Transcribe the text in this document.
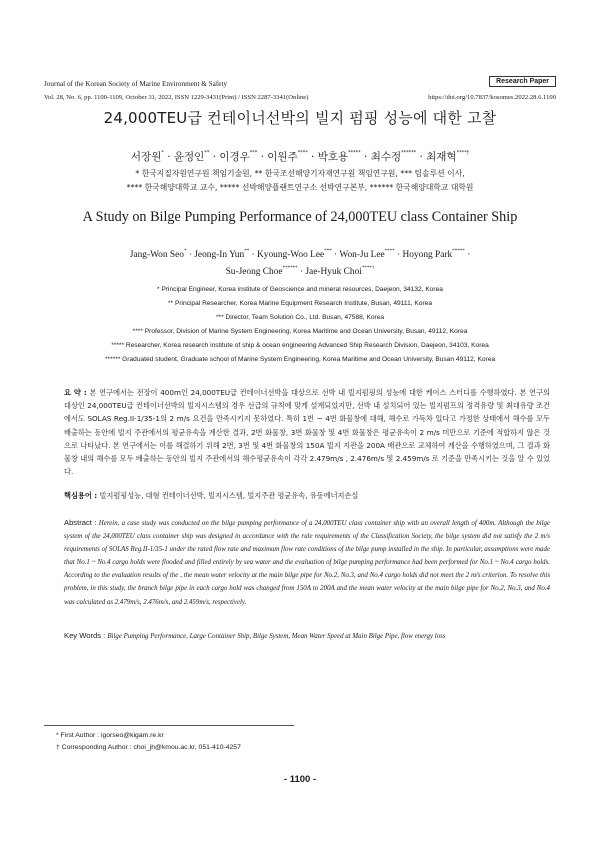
Journal of the Korean Society of Marine Environment & Safety	Research Paper
Vol. 28, No. 6, pp. 1100-1109, October 31, 2022, ISSN 1229-3431(Print) / ISSN 2287-3341(Online)	https://doi.org/10.7837/kosomes.2022.28.6.1100
24,000TEU급 컨테이너선박의 빌지 펌핑 성능에 대한 고찰
서장원* · 윤정인** · 이경우*** · 이원주**** · 박호용***** · 최수정****** · 최재혁****†
* 한국지질자원연구원 책임기술원, ** 한국조선해양기자재연구원 책임연구원, *** 팀솔루션 이사,
**** 한국해양대학교 교수, ***** 선박해양플랜트연구소 선박연구본부, ****** 한국해양대학교 대학원
A Study on Bilge Pumping Performance of 24,000TEU class Container Ship
Jang-Won Seo* · Jeong-In Yun** · Kyoung-Woo Lee*** · Won-Ju Lee**** · Hoyong Park***** ·
Su-Jeong Choe****** · Jae-Hyuk Choi****†
* Principal Engineer, Korea institute of Geoscience and mineral resources, Daejeon, 34132, Korea
** Principal Researcher, Korea Marine Equipment Research Institute, Busan, 49111, Korea
*** Director, Team Solution Co., Ltd. Busan, 47588, Korea
**** Professor, Division of Marine System Engineering, Korea Maritime and Ocean University, Busan, 49112, Korea
***** Researcher, Korea research institute of ship & ocean engineering Advanced Ship Research Division, Daejeon, 34103, Korea
****** Graduated student, Graduate school of Marine System Engineering, Korea Maritime and Ocean University, Busan 49112, Korea
요 약 : 본 연구에서는 전장이 400m인 24,000TEU급 컨테이너선박을 대상으로 선박 내 빌지펌핑의 성능에 대한 케이스 스터디를 수행하였다. 본 연구의 대상인 24,000TEU급 컨테이너선박의 빌지시스템의 경우 선급의 규칙에 맞게 설계되었지만, 선박 내 설치되어 있는 빌지펌프의 정격유량 및 최대유량 조건에서도 SOLAS Reg.II-1/35-1의 2 m/s 요건을 만족시키지 못하였다. 특히 1번 ~ 4번 화물창에 대해, 해수로 가득차 있다고 가정한 상태에서 해수를 모두 배출하는 동안에 빌지 주관에서의 평균유속을 계산한 결과, 2번 화물창, 3번 화물창 및 4번 화물창은 평균유속이 2 m/s 미만으로 기준에 적합하지 않은 것으로 나타났다. 본 연구에서는 이를 해결하기 위해 2번, 3번 및 4번 화물창의 150A 빌지 지관을 200A 배관으로 교체하여 계산을 수행하였으며, 그 결과 화물창 내의 해수를 모두 배출하는 동안의 빌지 주관에서의 해수평균유속이 각각 2.479m/s , 2.476m/s 및 2.459m/s 로 기준을 만족시키는 것을 알 수 있었다.
핵심용어 : 빌지펌핑성능, 대형 컨테이너선박, 빌지시스템, 빌지주관 평균유속, 유동에너지손실
Abstract : Herein, a case study was conducted on the bilge pumping performance of a 24,000TEU class container ship with an overall length of 400m. Although the bilge system of the 24,000TEU class container ship was designed in accordance with the rule requirements of the Classification Society, the bilge system did not satisfy the 2 m/s requirements of SOLAS Reg.II-1/35-1 under the rated flow rate and maximum flow rate conditions of the bilge pump installed in the ship. In particular, assumptions were made that No.1 ~ No.4 cargo holds were flooded and filled entirely by sea water and the evaluation of bilge pumping performance had been performed for No.1 ~ No.4 cargo holds. According to the evaluation results of the , the mean water velocity at the main bilge pipe for No.2, No.3, and No.4 cargo holds did not meet the 2 m/s criterion. To resolve this problem, in this study, the branch bilge pipe in each cargo hold was changed from 150A to 200A and the mean water velocity at the main bilge pipe for No.2, No.3, and No.4 was calculated as 2.479m/s, 2.476m/s, and 2.459m/s, respectively.
Key Words : Bilge Pumping Performance, Large Container Ship, Bilge System, Mean Water Speed at Main Bilge Pipe, flow energy loss
* First Author : igorseo@kigam.re.kr
† Corresponding Author : choi_jh@kmou.ac.kr, 051-410-4257
- 1100 -
